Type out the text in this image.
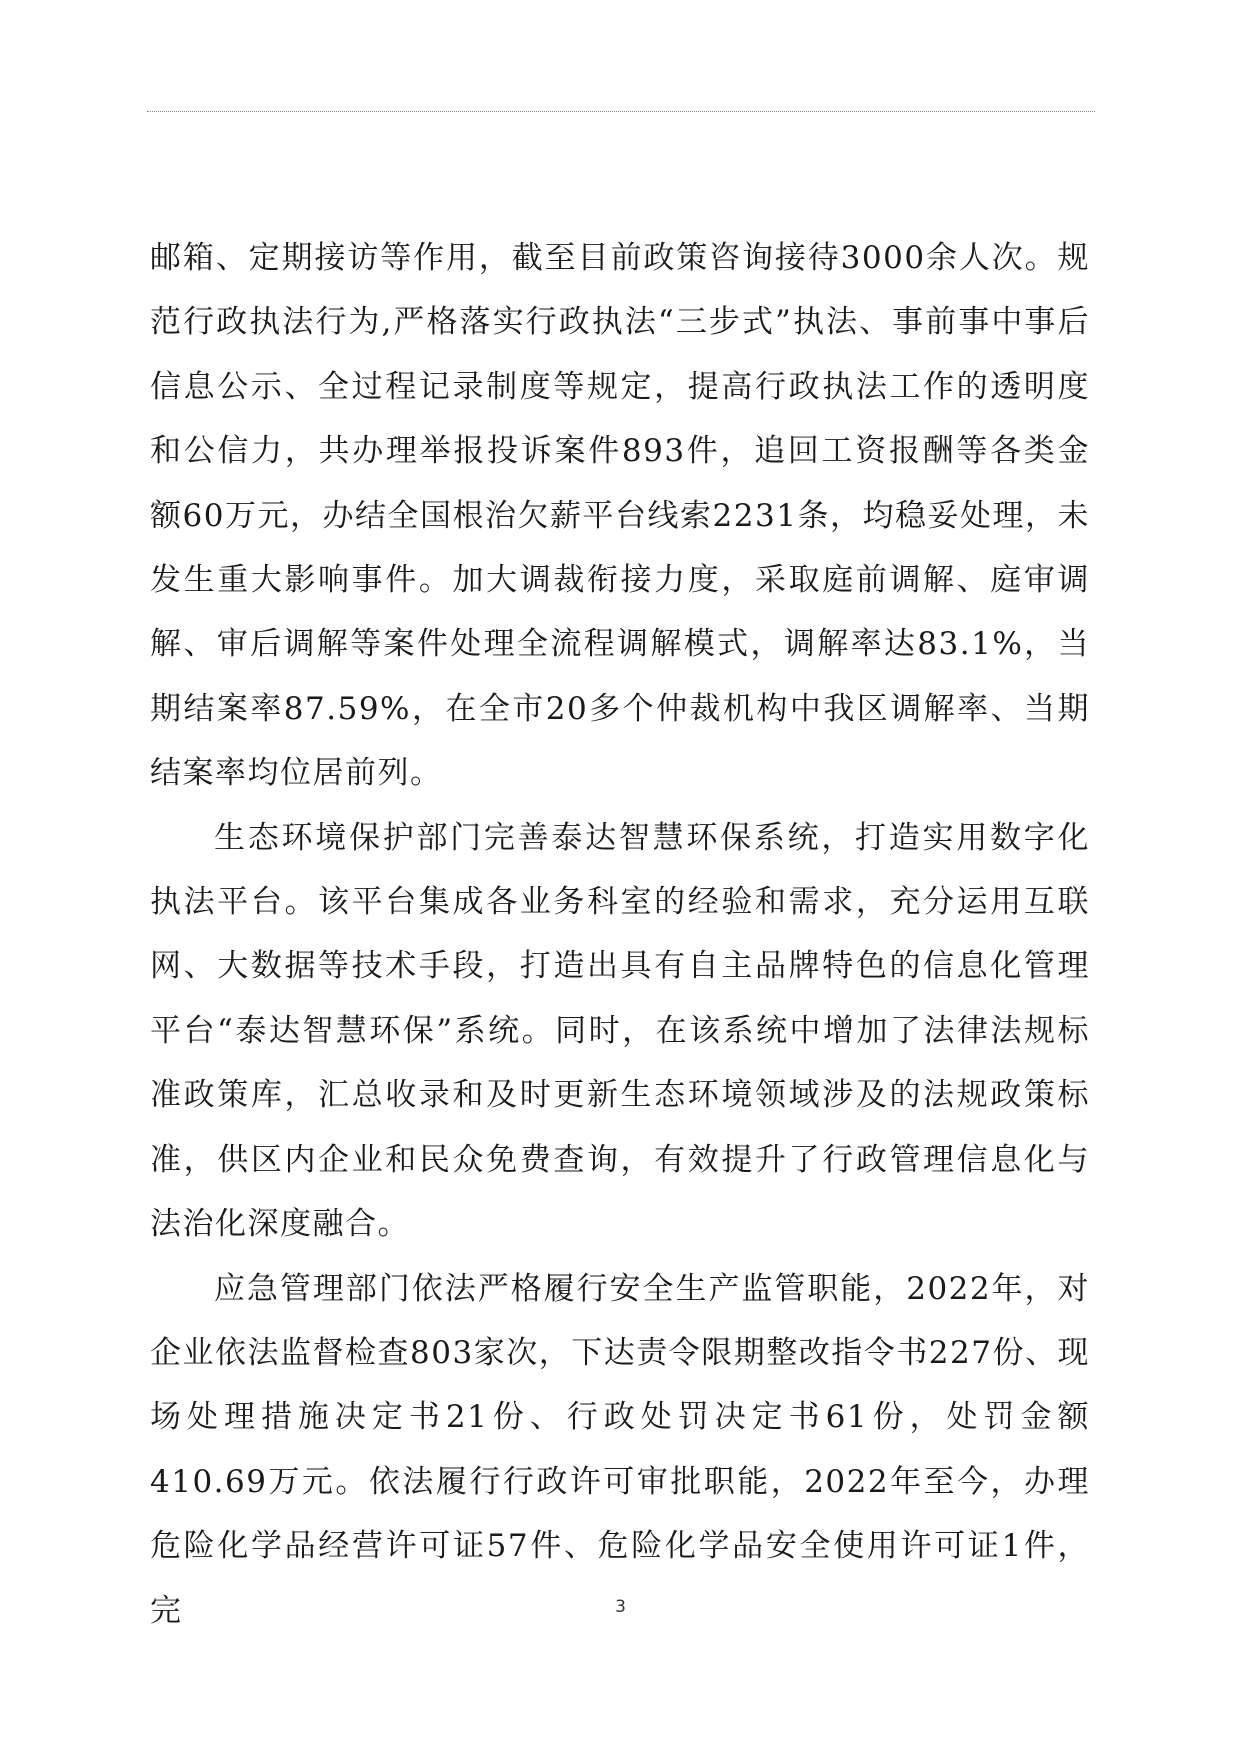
邮箱、定期接访等作用，截至目前政策咨询接待3000余人次。规范行政执法行为,严格落实行政执法“三步式”执法、事前事中事后信息公示、全过程记录制度等规定，提高行政执法工作的透明度和公信力，共办理举报投诉案件893件，追回工资报酬等各类金额60万元，办结全国根治欠薪平台线索2231条，均稳妥处理，未发生重大影响事件。加大调裁衔接力度，采取庭前调解、庭审调解、审后调解等案件处理全流程调解模式，调解率达83.1%，当期结案率87.59%，在全市20多个仲裁机构中我区调解率、当期结案率均位居前列。

生态环境保护部门完善泰达智慧环保系统，打造实用数字化执法平台。该平台集成各业务科室的经验和需求，充分运用互联网、大数据等技术手段，打造出具有自主品牌特色的信息化管理平台“泰达智慧环保”系统。同时，在该系统中增加了法律法规标准政策库，汇总收录和及时更新生态环境领域涉及的法规政策标准，供区内企业和民众免费查询，有效提升了行政管理信息化与法治化深度融合。

应急管理部门依法严格履行安全生产监管职能，2022年，对企业依法监督检查803家次，下达责令限期整改指令书227份、现场处理措施决定书21份、行政处罚决定书61份，处罚金额410.69万元。依法履行行政许可审批职能，2022年至今，办理危险化学品经营许可证57件、危险化学品安全使用许可证1件，完	3
